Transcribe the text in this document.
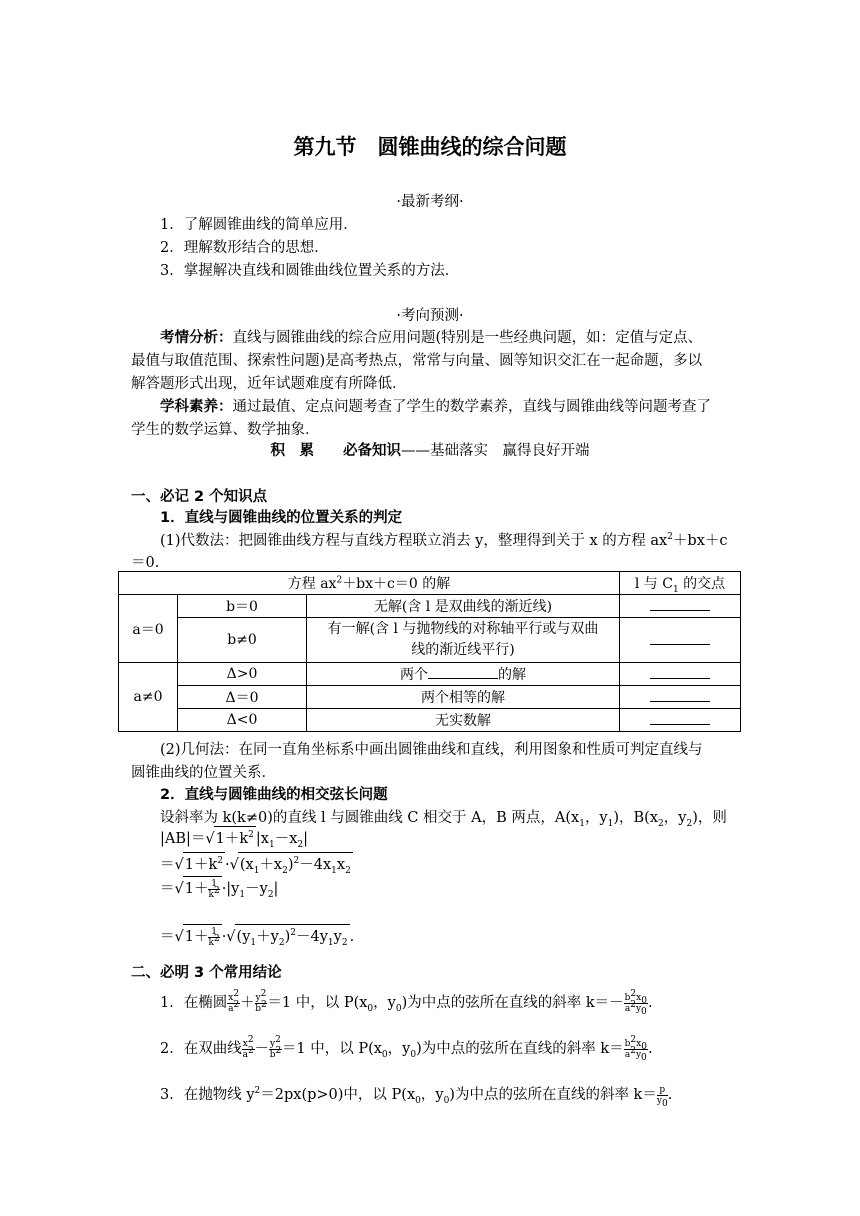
第九节　圆锥曲线的综合问题
·最新考纲·
1．了解圆锥曲线的简单应用．
2．理解数形结合的思想．
3．掌握解决直线和圆锥曲线位置关系的方法．
·考向预测·
考情分析：直线与圆锥曲线的综合应用问题(特别是一些经典问题，如：定值与定点、
最值与取值范围、探索性问题)是高考热点，常常与向量、圆等知识交汇在一起命题，多以
解答题形式出现，近年试题难度有所降低．
学科素养：通过最值、定点问题考查了学生的数学素养，直线与圆锥曲线等问题考查了
学生的数学运算、数学抽象．
积　累　　 必备知识——基础落实　赢得良好开端
一、必记 2 个知识点
1．直线与圆锥曲线的位置关系的判定
(1)代数法：把圆锥曲线方程与直线方程联立消去 y，整理得到关于 x 的方程 $ax^2+bx+c$
＝0.
方程 $ax^2+bx+c=0$ 的解			l 与 $C_1$ 的交点
a＝0	b＝0	无解(含 l 是双曲线的渐近线)	
	b≠0	有一解(含 l 与抛物线的对称轴平行或与双曲
线的渐近线平行)	
a≠0	Δ>0	两个 的解	
	Δ＝0	两个相等的解	
	Δ<0	无实数解	
(2)几何法：在同一直角坐标系中画出圆锥曲线和直线，利用图象和性质可判定直线与
圆锥曲线的位置关系．
2．直线与圆锥曲线的相交弦长问题
设斜率为 k(k≠0)的直线 l 与圆锥曲线 C 相交于 A，B 两点，$A(x_1$，$y_1$)，$B(x_2$，$y_2$)，则
$|AB|=√1+k^2$ $|x_1-x_2|$
$=√1+k^2 \cdot√(x_1+x_2)^2-4x_1x_2$
$=√1+ \frac{1}{k^2} \cdot|y_1-y_2|$
$=√1+ \frac{1}{k^2} \cdot√(y_1+y_2)^2-4y_1y_2$ .
二、必明 3 个常用结论
1．在椭圆 $\frac{x^2}{a^2} + \frac{y^2}{b^2} =1$ 中，以 $P(x_0$，$y_0$)为中点的弦所在直线的斜率 $k=- \frac{b^2x_0}{a^2y_0}$ .
2．在双曲线 $\frac{x^2}{a^2} - \frac{y^2}{b^2} =1$ 中，以 $P(x_0$，$y_0$)为中点的弦所在直线的斜率 $k= \frac{b^2x_0}{a^2y_0}$ .
3．在抛物线 $y^2=2px(p>0)$中，以 $P(x_0$，$y_0$)为中点的弦所在直线的斜率 $k= \frac{p}{y_0}$ .
